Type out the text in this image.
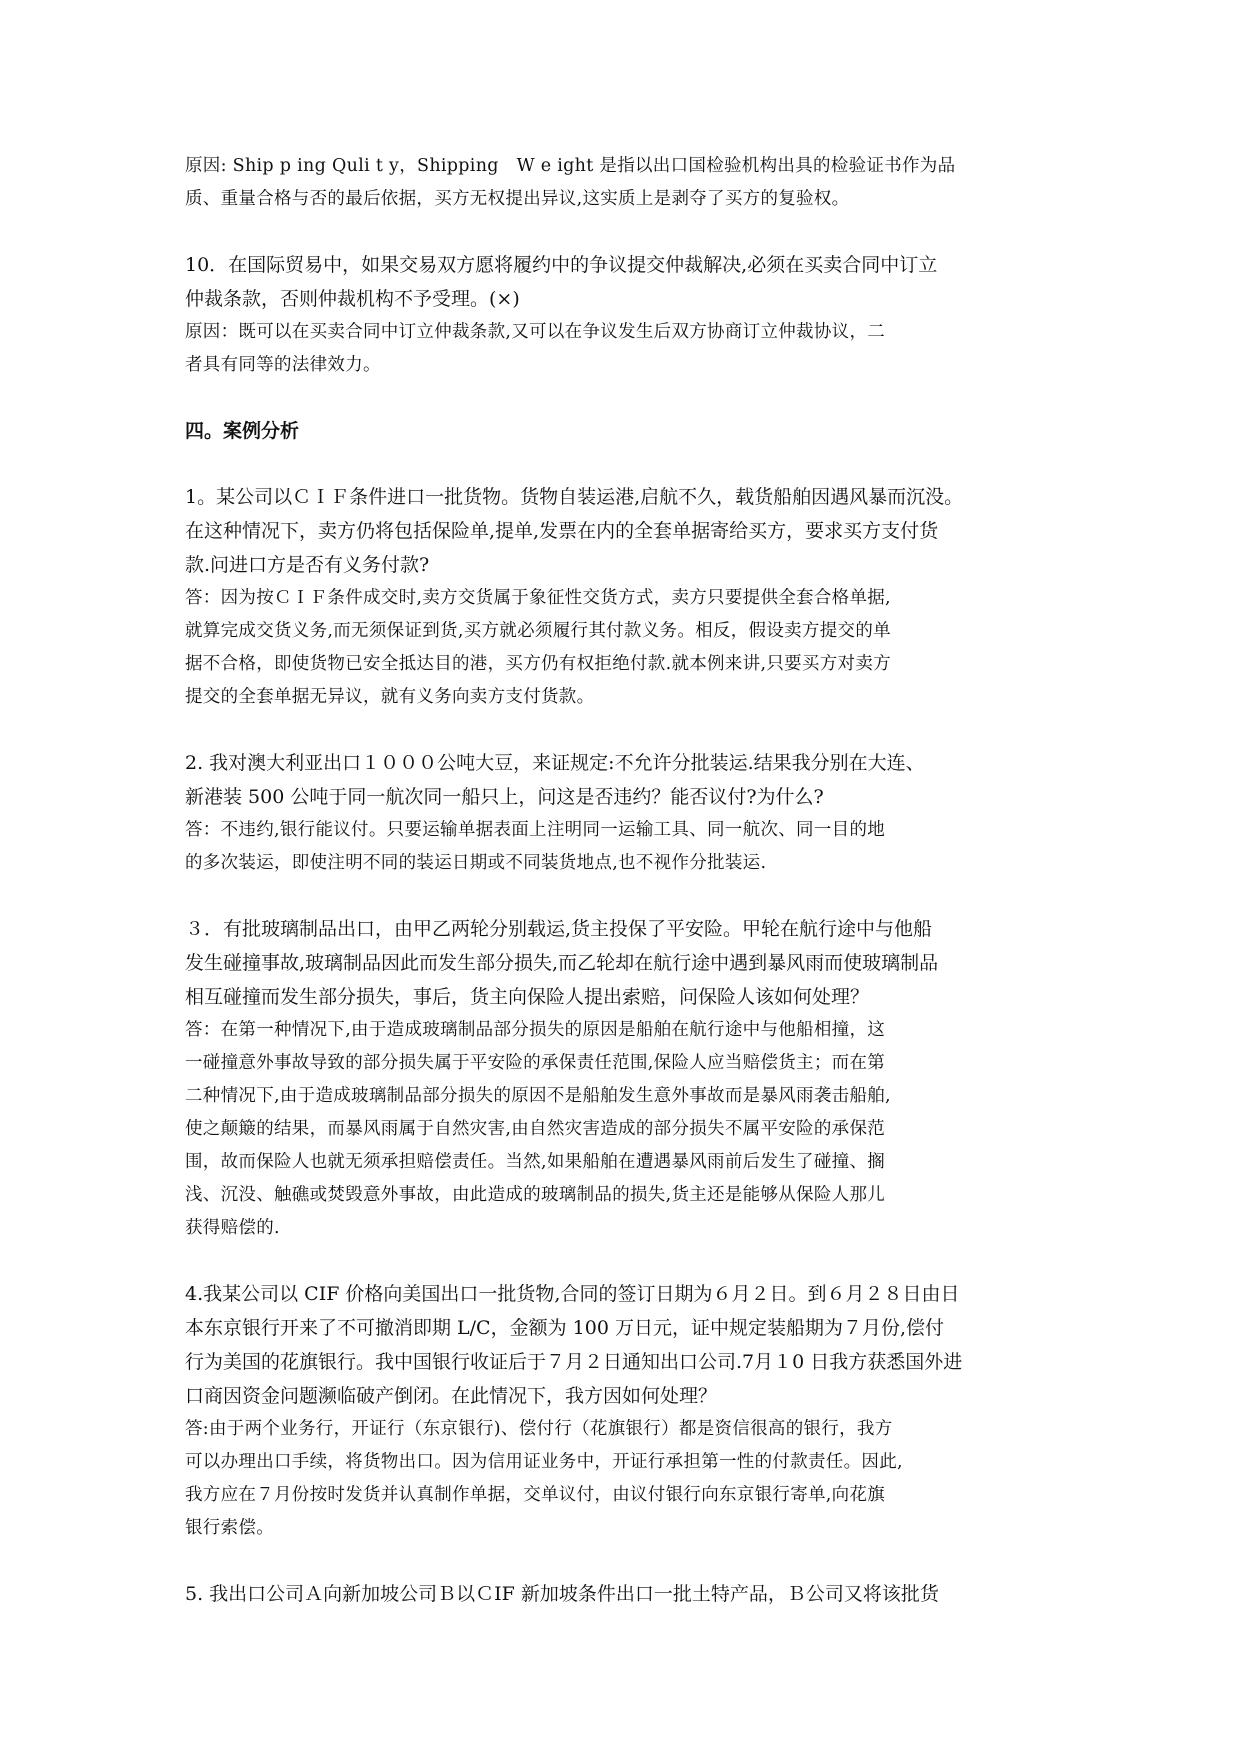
原因: Ship p ing Quli t y，Shipping　W e ight 是指以出口国检验机构出具的检验证书作为品

质、重量合格与否的最后依据，买方无权提出异议,这实质上是剥夺了买方的复验权。

10．在国际贸易中，如果交易双方愿将履约中的争议提交仲裁解决,必须在买卖合同中订立

仲裁条款，否则仲裁机构不予受理。(×)

原因：既可以在买卖合同中订立仲裁条款,又可以在争议发生后双方协商订立仲裁协议，二

者具有同等的法律效力。

四。案例分析

1。某公司以ＣＩＦ条件进口一批货物。货物自装运港,启航不久，载货船舶因遇风暴而沉没。

在这种情况下，卖方仍将包括保险单,提单,发票在内的全套单据寄给买方，要求买方支付货

款.问进口方是否有义务付款?

答：因为按ＣＩＦ条件成交时,卖方交货属于象征性交货方式，卖方只要提供全套合格单据,

就算完成交货义务,而无须保证到货,买方就必须履行其付款义务。相反，假设卖方提交的单

据不合格，即使货物已安全抵达目的港，买方仍有权拒绝付款.就本例来讲,只要买方对卖方

提交的全套单据无异议，就有义务向卖方支付货款。

2. 我对澳大利亚出口１０００公吨大豆，来证规定:不允许分批装运.结果我分别在大连、

新港装 500 公吨于同一航次同一船只上，问这是否违约？能否议付?为什么?

答：不违约,银行能议付。只要运输单据表面上注明同一运输工具、同一航次、同一目的地

的多次装运，即使注明不同的装运日期或不同装货地点,也不视作分批装运.

３．有批玻璃制品出口，由甲乙两轮分别载运,货主投保了平安险。甲轮在航行途中与他船

发生碰撞事故,玻璃制品因此而发生部分损失,而乙轮却在航行途中遇到暴风雨而使玻璃制品

相互碰撞而发生部分损失，事后，货主向保险人提出索赔，问保险人该如何处理？

答：在第一种情况下,由于造成玻璃制品部分损失的原因是船舶在航行途中与他船相撞，这

一碰撞意外事故导致的部分损失属于平安险的承保责任范围,保险人应当赔偿货主；而在第

二种情况下,由于造成玻璃制品部分损失的原因不是船舶发生意外事故而是暴风雨袭击船舶,

使之颠簸的结果，而暴风雨属于自然灾害,由自然灾害造成的部分损失不属平安险的承保范

围，故而保险人也就无须承担赔偿责任。当然,如果船舶在遭遇暴风雨前后发生了碰撞、搁

浅、沉没、触礁或焚毁意外事故，由此造成的玻璃制品的损失,货主还是能够从保险人那儿

获得赔偿的.

4.我某公司以 CIF 价格向美国出口一批货物,合同的签订日期为６月２日。到６月２８日由日

本东京银行开来了不可撤消即期 L/C，金额为 100 万日元，证中规定装船期为７月份,偿付

行为美国的花旗银行。我中国银行收证后于７月２日通知出口公司.7月１0 日我方获悉国外进

口商因资金问题濒临破产倒闭。在此情况下，我方因如何处理？

答:由于两个业务行，开证行（东京银行)、偿付行（花旗银行）都是资信很高的银行，我方

可以办理出口手续，将货物出口。因为信用证业务中，开证行承担第一性的付款责任。因此,

我方应在７月份按时发货并认真制作单据，交单议付，由议付银行向东京银行寄单,向花旗

银行索偿。

5. 我出口公司Ａ向新加坡公司Ｂ以ＣIF 新加坡条件出口一批土特产品，Ｂ公司又将该批货
